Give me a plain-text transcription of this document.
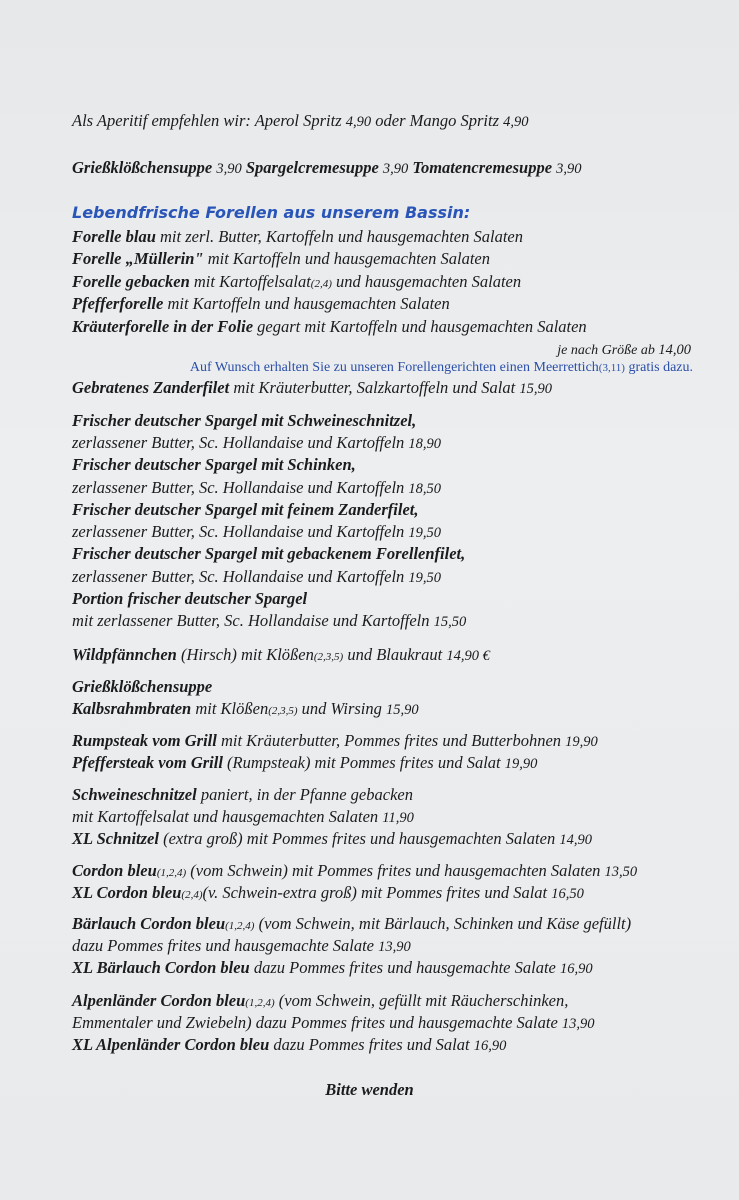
Als Aperitif empfehlen wir: Aperol Spritz 4,90 oder Mango Spritz 4,90
Grießklößchensuppe 3,90 Spargelcremesuppe 3,90 Tomatencremesuppe 3,90
Lebendfrische Forellen aus unserem Bassin:
Forelle blau mit zerl. Butter, Kartoffeln und hausgemachten Salaten
Forelle „Müllerin" mit Kartoffeln und hausgemachten Salaten
Forelle gebacken mit Kartoffelsalat(2,4) und hausgemachten Salaten
Pfefferforelle mit Kartoffeln und hausgemachten Salaten
Kräuterforelle in der Folie gegart mit Kartoffeln und hausgemachten Salaten
je nach Größe ab 14,00
Auf Wunsch erhalten Sie zu unseren Forellengerichten einen Meerrettich(3,11) gratis dazu.
Gebratenes Zanderfilet mit Kräuterbutter, Salzkartoffeln und Salat 15,90
Frischer deutscher Spargel mit Schweineschnitzel,
zerlassener Butter, Sc. Hollandaise und Kartoffeln 18,90
Frischer deutscher Spargel mit Schinken,
zerlassener Butter, Sc. Hollandaise und Kartoffeln 18,50
Frischer deutscher Spargel mit feinem Zanderfilet,
zerlassener Butter, Sc. Hollandaise und Kartoffeln 19,50
Frischer deutscher Spargel mit gebackenem Forellenfilet,
zerlassener Butter, Sc. Hollandaise und Kartoffeln 19,50
Portion frischer deutscher Spargel
mit zerlassener Butter, Sc. Hollandaise und Kartoffeln 15,50
Wildpfännchen (Hirsch) mit Klößen(2,3,5) und Blaukraut 14,90 €
Grießklößchensuppe
Kalbsrahmbraten mit Klößen(2,3,5) und Wirsing 15,90
Rumpsteak vom Grill mit Kräuterbutter, Pommes frites und Butterbohnen 19,90
Pfeffersteak vom Grill (Rumpsteak) mit Pommes frites und Salat 19,90
Schweineschnitzel paniert, in der Pfanne gebacken
mit Kartoffelsalat und hausgemachten Salaten 11,90
XL Schnitzel (extra groß) mit Pommes frites und hausgemachten Salaten 14,90
Cordon bleu(1,2,4) (vom Schwein) mit Pommes frites und hausgemachten Salaten 13,50
XL Cordon bleu(2,4)(v. Schwein-extra groß) mit Pommes frites und Salat 16,50
Bärlauch Cordon bleu(1,2,4) (vom Schwein, mit Bärlauch, Schinken und Käse gefüllt)
dazu Pommes frites und hausgemachte Salate 13,90
XL Bärlauch Cordon bleu dazu Pommes frites und hausgemachte Salate 16,90
Alpenländer Cordon bleu(1,2,4) (vom Schwein, gefüllt mit Räucherschinken,
Emmentaler und Zwiebeln) dazu Pommes frites und hausgemachte Salate 13,90
XL Alpenländer Cordon bleu dazu Pommes frites und Salat 16,90
Bitte wenden
